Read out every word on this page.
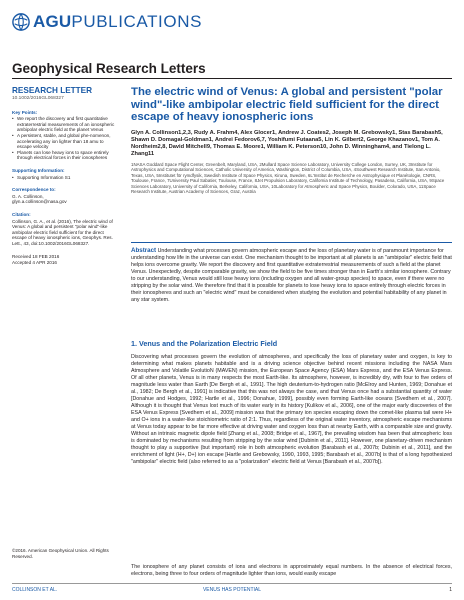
AGU PUBLICATIONS
Geophysical Research Letters
RESEARCH LETTER
10.1002/2016GL068327
Key Points:
• We report the discovery and first quantitative extraterrestrial measurements of an ionospheric ambipolar electric field at the planet Venus
• A persistent, stable, and global phe-nomenon, accelerating any ion lighter than 18 amu to escape velocity
• Planets can lose heavy ions to space entirely through electrical forces in their ionospheres
Supporting Information:
• Supporting Information S1
Correspondence to:

G. A. Collinson,

glyn.a.collinson@nasa.gov

Citation:

Collinson, G. A., et al. (2016), The electric wind of Venus: A global and persistent "polar wind"-like ambipolar electric field sufficient for the direct escape of heavy ionospheric ions, Geophys. Res. Lett., 43, doi:10.1002/2016GL068327.

Received 18 FEB 2016

Accepted 4 APR 2016

©2016. American Geophysical Union. All Rights Reserved.
The electric wind of Venus: A global and persistent "polar wind"-like ambipolar electric field sufficient for the direct escape of heavy ionospheric ions
Glyn A. Collinson1,2,3, Rudy A. Frahm4, Alex Glocer1, Andrew J. Coates2, Joseph M. Grebowsky1, Stas Barabash5, Shawn D. Domagal-Goldman1, Andrei Fedorov6,7, Yoshifumi Futaana5, Lin K. Gilbert2, George Khazanov1, Tom A. Nordheim2,8, David Mitchell9, Thomas E. Moore1, William K. Peterson10, John D. Winningham4, and Tielong L. Zhang11
1NASA Goddard Space Flight Center, Greenbelt, Maryland, USA, 2Mullard Space Science Laboratory, University College London, Surrey, UK, 3Institute for Astrophysics and Computational Sciences, Catholic University of America, Washington, District of Columbia, USA, 4Southwest Research Institute, San Antonio, Texas, USA, 5Institutet för rymdfysik, Swedish Institute of Space Physics, Kiruna, Sweden, 6L'Institut de Recherche en Astrophysique et Planétologie, CNRS, Toulouse, France, 7University Paul Sabatier, Toulouse, France, 8Jet Propulsion Laboratory, California Institute of Technology, Pasadena, California, USA, 9Space Sciences Laboratory, University of California, Berkeley, California, USA, 10Laboratory for Atmospheric and Space Physics, Boulder, Colorado, USA, 11Space Research Institute, Austrian Academy of Sciences, Graz, Austria
Abstract Understanding what processes govern atmospheric escape and the loss of planetary water is of paramount importance for understanding how life in the universe can exist. One mechanism thought to be important at all planets is an "ambipolar" electric field that helps ions overcome gravity. We report the discovery and first quantitative extraterrestrial measurements of such a field at the planet Venus. Unexpectedly, despite comparable gravity, we show the field to be five times stronger than in Earth's similar ionosphere. Contrary to our understanding, Venus would still lose heavy ions (including oxygen and all water-group species) to space, even if there were no stripping by the solar wind. We therefore find that it is possible for planets to lose heavy ions to space entirely through electric forces in their ionospheres and such an "electric wind" must be considered when studying the evolution and potential habitability of any planet in any star system.
1. Venus and the Polarization Electric Field

Discovering what processes govern the evolution of atmospheres, and specifically the loss of planetary water and oxygen, is key to determining what makes planets habitable and is a driving science objective behind recent missions including the NASA Mars Atmosphere and Volatile EvolutioN (MAVEN) mission, the European Space Agency (ESA) Mars Express, and the ESA Venus Express. Of all other planets, Venus is in many respects the most Earth-like. Its atmosphere, however, is incredibly dry, with four to five orders of magnitude less water than Earth [De Bergh et al., 1991]. The high deuterium-to-hydrogen ratio [McElroy and Hunten, 1969; Donahue et al., 1982; De Bergh et al., 1991] is indicative that this was not always the case, and that Venus once had a substantial quantity of water [Donahue and Hodges, 1992; Hartle et al., 1996; Donahue, 1999], possibly even forming Earth-like oceans [Svedhem et al., 2007]. Although it is thought that Venus lost much of its water early in its history [Kulikov et al., 2006], one of the major early discoveries of the ESA Venus Express [Svedhem et al., 2009] mission was that the primary ion species escaping down the comet-like plasma tail were H+ and O+ ions in a water-like stoichiometric ratio of 2:1. Thus, regardless of the original water inventory, atmospheric escape mechanisms at Venus today appear to be far more effective at driving water and oxygen loss than at nearby Earth, with a comparable size and gravity. Without an intrinsic magnetic dipole field [Zhang et al., 2008; Bridge et al., 1967], the prevailing wisdom has been that atmospheric loss is dominated by mechanisms resulting from stripping by the solar wind [Dubinin et al., 2011]. However, one planetary-driven mechanism thought to play a supportive (but important) role in both atmospheric evolution [Barabash et al., 2007b; Dubinin et al., 2011], and the enrichment of light (H+, D+) ion escape [Hartle and Grebowsky, 1990, 1993, 1995; Barabash et al., 2007b] is that of a long hypothesized "ambipolar" electric field (also referred to as a "polarization" electric field at Venus [Barabash et al., 2007b]).

The ionosphere of any planet consists of ions and electrons in approximately equal numbers. In the absence of electrical forces, electrons, being three to four orders of magnitude lighter than ions, would easily escape

COLLINSON ET AL.	VENUS HAS POTENTIAL	1
